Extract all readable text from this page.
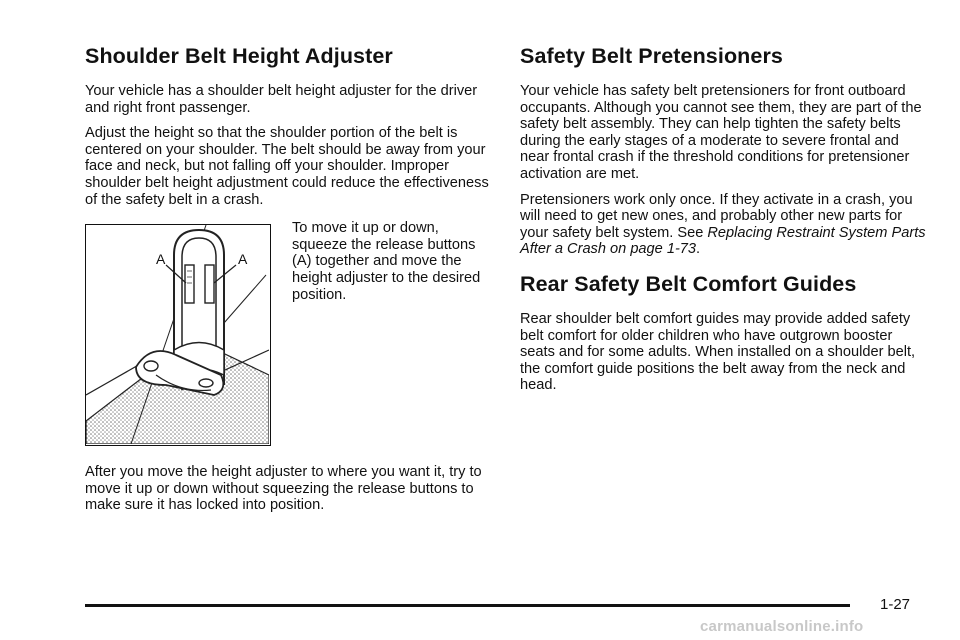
Shoulder Belt Height Adjuster

Your vehicle has a shoulder belt height adjuster for the driver and right front passenger.

Adjust the height so that the shoulder portion of the belt is centered on your shoulder. The belt should be away from your face and neck, but not falling off your shoulder. Improper shoulder belt height adjustment could reduce the effectiveness of the safety belt in a crash.

A	A

To move it up or down, squeeze the release buttons (A) together and move the height adjuster to the desired position.

After you move the height adjuster to where you want it, try to move it up or down without squeezing the release buttons to make sure it has locked into position.

Safety Belt Pretensioners

Your vehicle has safety belt pretensioners for front outboard occupants. Although you cannot see them, they are part of the safety belt assembly. They can help tighten the safety belts during the early stages of a moderate to severe frontal and near frontal crash if the threshold conditions for pretensioner activation are met.

Pretensioners work only once. If they activate in a crash, you will need to get new ones, and probably other new parts for your safety belt system. See Replacing Restraint System Parts After a Crash on page 1-73.

Rear Safety Belt Comfort Guides

Rear shoulder belt comfort guides may provide added safety belt comfort for older children who have outgrown booster seats and for some adults. When installed on a shoulder belt, the comfort guide positions the belt away from the neck and head.

1-27
carmanualsonline.info
